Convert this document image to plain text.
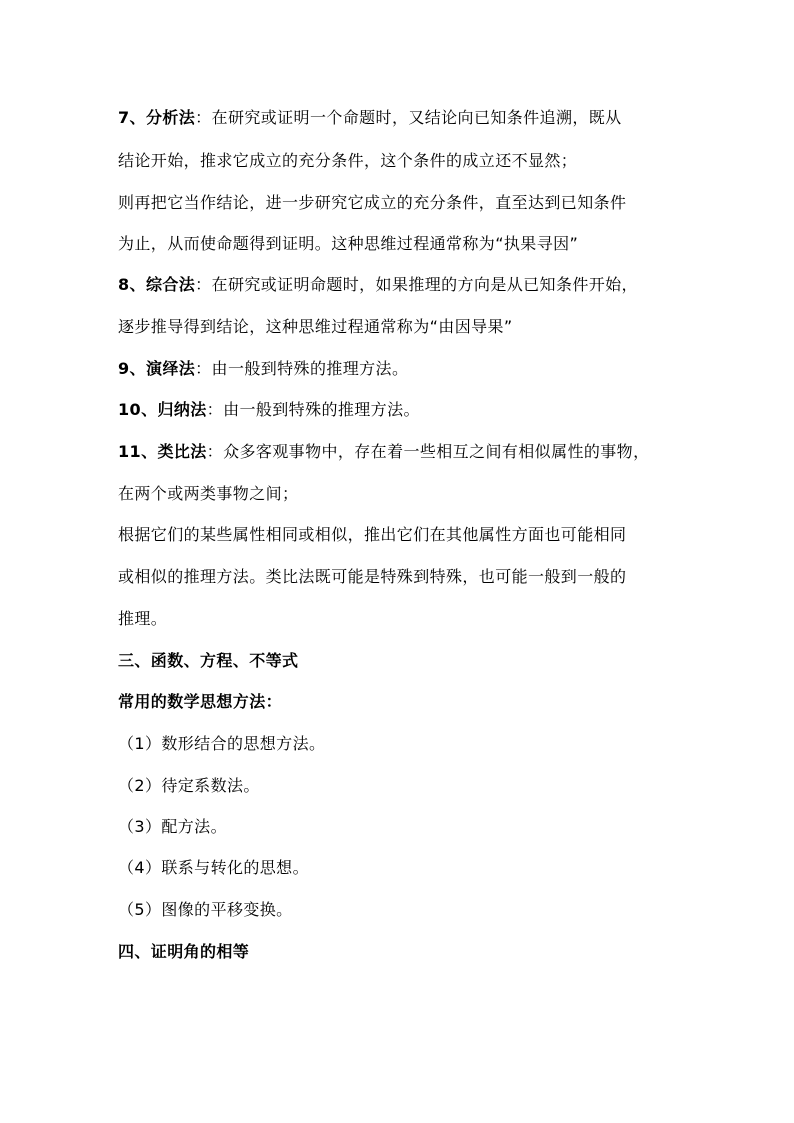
7、分析法：在研究或证明一个命题时，又结论向已知条件追溯，既从
结论开始，推求它成立的充分条件，这个条件的成立还不显然；
则再把它当作结论，进一步研究它成立的充分条件，直至达到已知条件
为止，从而使命题得到证明。这种思维过程通常称为“执果寻因”
8、综合法：在研究或证明命题时，如果推理的方向是从已知条件开始，
逐步推导得到结论，这种思维过程通常称为“由因导果”
9、演绎法：由一般到特殊的推理方法。
10、归纳法：由一般到特殊的推理方法。
11、类比法：众多客观事物中，存在着一些相互之间有相似属性的事物，
在两个或两类事物之间；
根据它们的某些属性相同或相似，推出它们在其他属性方面也可能相同
或相似的推理方法。类比法既可能是特殊到特殊，也可能一般到一般的
推理。
三、函数、方程、不等式
常用的数学思想方法：
（1）数形结合的思想方法。
（2）待定系数法。
（3）配方法。
（4）联系与转化的思想。
（5）图像的平移变换。
四、证明角的相等
